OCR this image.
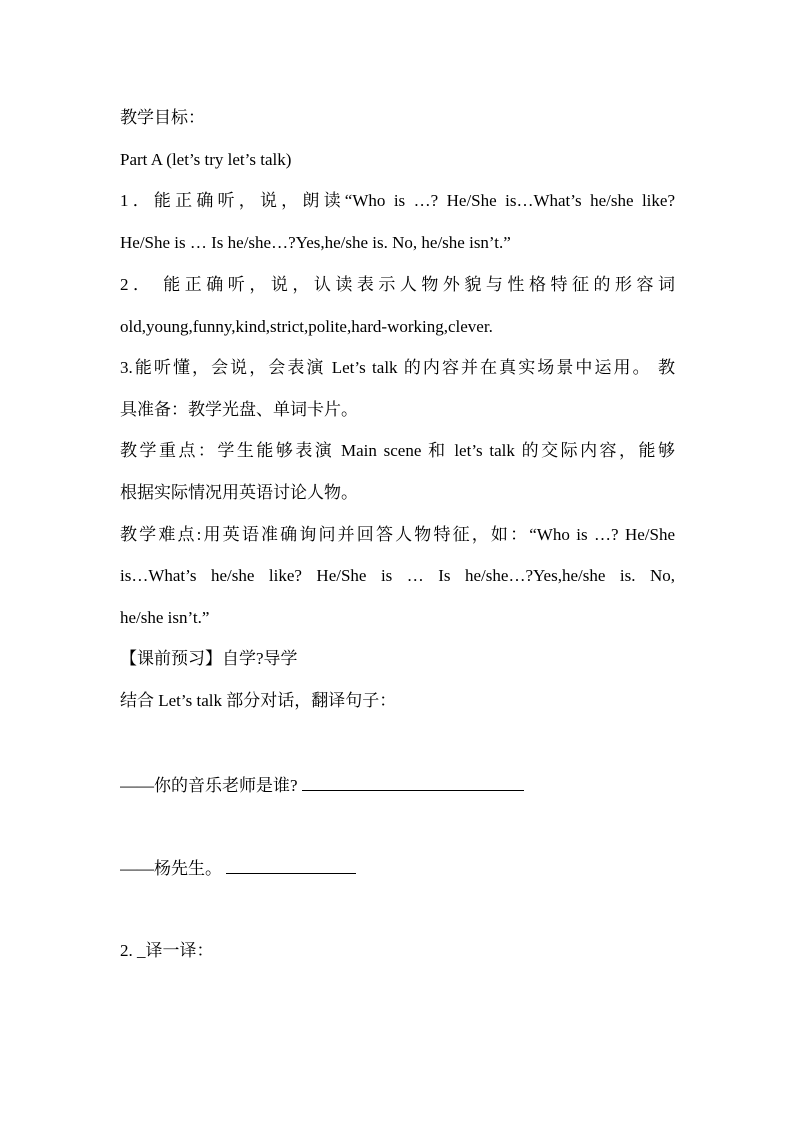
教学目标：
Part A (let’s try let’s talk)
1．能正确听，说，朗读“Who is …? He/She is…What’s he/she like?
He/She is … Is he/she…?Yes,he/she is. No, he/she isn’t.”
2． 能正确听，说，认读表示人物外貌与性格特征的形容词
old,young,funny,kind,strict,polite,hard-working,clever.
3.能听懂，会说，会表演 Let’s talk 的内容并在真实场景中运用。 教
具准备：教学光盘、单词卡片。
教学重点：学生能够表演 Main scene 和 let’s talk 的交际内容，能够
根据实际情况用英语讨论人物。
教学难点:用英语准确询问并回答人物特征，如：“Who is …? He/She
is…What’s he/she like? He/She is … Is he/she…?Yes,he/she is. No,
he/she isn’t.”
【课前预习】自学?导学
结合 Let’s talk 部分对话，翻译句子：
——你的音乐老师是谁?
——杨先生。
2. _译一译：
